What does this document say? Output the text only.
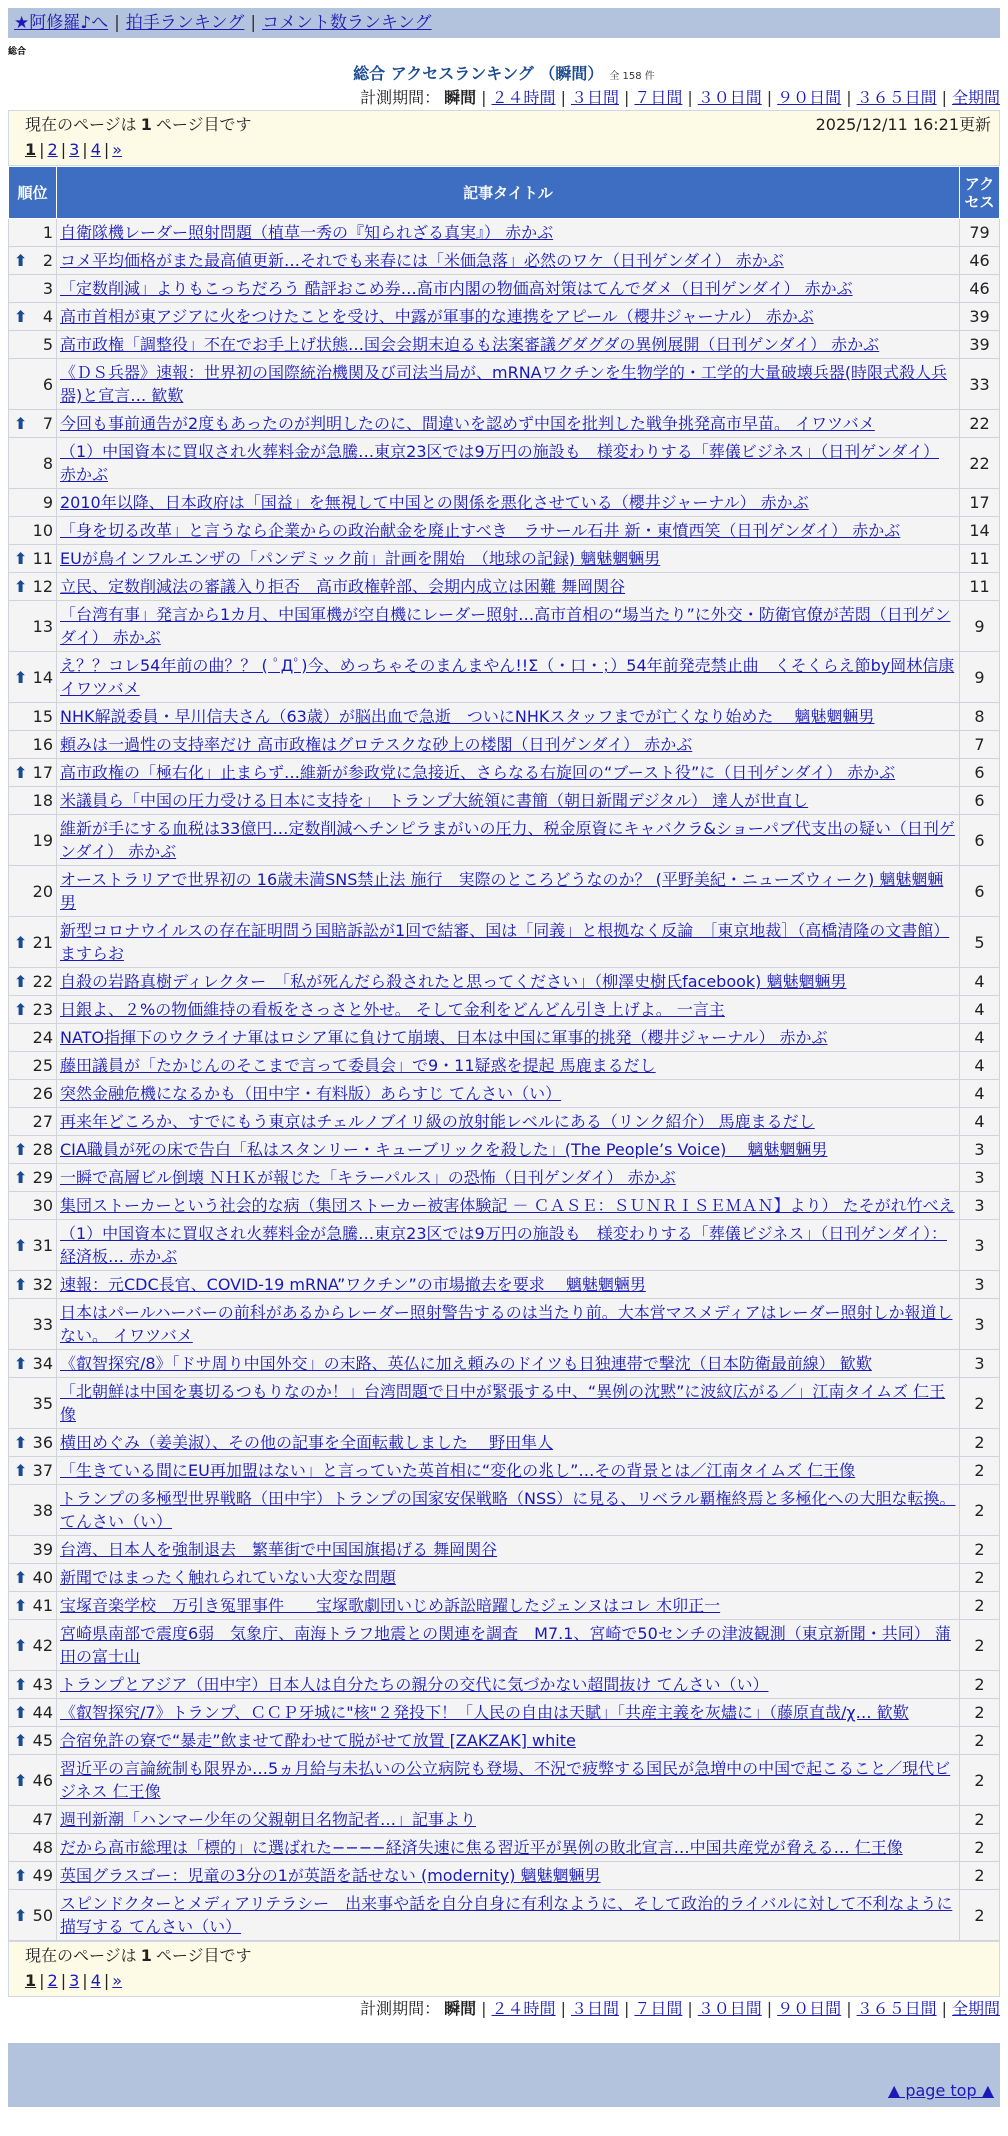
★阿修羅♪へ | 拍手ランキング | コメント数ランキング
総合
総合 アクセスランキング （瞬間） 全 158 件
計測期間： 瞬間 | ２４時間 | ３日間 | ７日間 | ３０日間 | ９０日間 | ３６５日間 | 全期間
現在のページは 1 ページ目です	2025/12/11 16:21更新
1 | 2 | 3 | 4 | »
順位	記事タイトル	アクセス
1	自衛隊機レーダー照射問題（植草一秀の『知られざる真実』） 赤かぶ	79

⬆ 2	コメ平均価格がまた最高値更新…それでも来春には「米価急落」必然のワケ（日刊ゲンダイ） 赤かぶ	46
3	「定数削減」よりもこっちだろう 酷評おこめ券…高市内閣の物価高対策はてんでダメ（日刊ゲンダイ） 赤かぶ	46

⬆ 4	高市首相が東アジアに火をつけたことを受け、中露が軍事的な連携をアピール（櫻井ジャーナル） 赤かぶ	39
5	高市政権「調整役」不在でお手上げ状態…国会会期末迫るも法案審議グダグダの異例展開（日刊ゲンダイ） 赤かぶ	39
6	《ＤＳ兵器》速報：世界初の国際統治機関及び司法当局が、mRNAワクチンを生物学的・工学的大量破壊兵器(時限式殺人兵器)と宣言… 歓歎	33

⬆ 7	今回も事前通告が2度もあったのが判明したのに、間違いを認めず中国を批判した戦争挑発高市早苗。 イワツバメ	22
8	（1）中国資本に買収され火葬料金が急騰…東京23区では9万円の施設も　様変わりする「葬儀ビジネス」（日刊ゲンダイ） 赤かぶ	22
9	2010年以降、日本政府は「国益」を無視して中国との関係を悪化させている（櫻井ジャーナル） 赤かぶ	17
10	「身を切る改革」と言うなら企業からの政治献金を廃止すべき　ラサール石井 新・東憤西笑（日刊ゲンダイ） 赤かぶ	14

⬆ 11	EUが鳥インフルエンザの「パンデミック前」計画を開始　（地球の記録) 魑魅魍魎男	11

⬆ 12	立民、定数削減法の審議入り拒否　高市政権幹部、会期内成立は困難 舞岡関谷	11
13	「台湾有事」発言から1カ月、中国軍機が空自機にレーダー照射…高市首相の“場当たり”に外交・防衛官僚が苦悶（日刊ゲンダイ） 赤かぶ	9

⬆ 14	え？？コレ54年前の曲？？ ( ﾟДﾟ)今、めっちゃそのまんまやん!!Σ（・口・；）54年前発売禁止曲　くそくらえ節by岡林信康 イワツバメ	9
15	NHK解説委員・早川信夫さん（63歳）が脳出血で急逝　ついにNHKスタッフまでが亡くなり始めた　 魑魅魍魎男	8
16	頼みは一過性の支持率だけ 高市政権はグロテスクな砂上の楼閣（日刊ゲンダイ） 赤かぶ	7

⬆ 17	高市政権の「極右化」止まらず…維新が参政党に急接近、さらなる右旋回の“ブースト役”に（日刊ゲンダイ） 赤かぶ	6
18	米議員ら「中国の圧力受ける日本に支持を」　トランプ大統領に書簡（朝日新聞デジタル） 達人が世直し	6
19	維新が手にする血税は33億円…定数削減ヘチンピラまがいの圧力、税金原資にキャバクラ&ショーパブ代支出の疑い（日刊ゲンダイ） 赤かぶ	6
20	オーストラリアで世界初の 16歳未満SNS禁止法 施行　実際のところどうなのか？ (平野美紀・ニューズウィーク) 魑魅魍魎男	6

⬆ 21	新型コロナウイルスの存在証明問う国賠訴訟が1回で結審、国は「同義」と根拠なく反論　［東京地裁］（高橋清隆の文書館） ますらお	5

⬆ 22	自殺の岩路真樹ディレクター　「私が死んだら殺されたと思ってください」（柳澤史樹氏facebook) 魑魅魍魎男	4

⬆ 23	日銀よ、２%の物価維持の看板をさっさと外せ。 そして金利をどんどん引き上げよ。 一言主	4
24	NATO指揮下のウクライナ軍はロシア軍に負けて崩壊、日本は中国に軍事的挑発（櫻井ジャーナル） 赤かぶ	4
25	藤田議員が「たかじんのそこまで言って委員会」で9・11疑惑を提起 馬鹿まるだし	4
26	突然金融危機になるかも（田中宇・有料版）あらすじ てんさい（い）	4
27	再来年どころか、すでにもう東京はチェルノブイリ級の放射能レベルにある（リンク紹介） 馬鹿まるだし	4

⬆ 28	CIA職員が死の床で告白「私はスタンリー・キューブリックを殺した」(The People’s Voice)　 魑魅魍魎男	3

⬆ 29	一瞬で高層ビル倒壊 ＮＨＫが報じた「キラーパルス」の恐怖（日刊ゲンダイ） 赤かぶ	3
30	集団ストーカーという社会的な病（集団ストーカー被害体験記 － ＣＡＳＥ：ＳＵＮＲＩＳＥＭＡＮ】より） たそがれ竹べえ	3

⬆ 31	（1）中国資本に買収され火葬料金が急騰…東京23区では9万円の施設も　様変わりする「葬儀ビジネス」（日刊ゲンダイ）：経済板… 赤かぶ	3

⬆ 32	速報：元CDC長官、COVID-19 mRNA”ワクチン”の市場撤去を要求　 魑魅魍魎男	3
33	日本はパールハーバーの前科があるからレーダー照射警告するのは当たり前。大本営マスメディアはレーダー照射しか報道しない。 イワツバメ	3

⬆ 34	《叡智探究/8》「ドサ周り中国外交」の末路、英仏に加え頼みのドイツも日独連帯で撃沈（日本防衛最前線） 歓歎	3
35	「北朝鮮は中国を裏切るつもりなのか！」台湾問題で日中が緊張する中、“異例の沈黙”に波紋広がる／」江南タイムズ 仁王像	2

⬆ 36	横田めぐみ（姜美淑）、その他の記事を全面転載しました　 野田隼人	2

⬆ 37	「生きている間にEU再加盟はない」と言っていた英首相に“変化の兆し”…その背景とは／江南タイムズ 仁王像	2
38	トランプの多極型世界戦略（田中宇）トランプの国家安保戦略（NSS）に見る、リベラル覇権終焉と多極化への大胆な転換。 てんさい（い）	2
39	台湾、日本人を強制退去　繁華街で中国国旗掲げる 舞岡関谷	2

⬆ 40	新聞ではまったく触れられていない大変な問題	2

⬆ 41	宝塚音楽学校　万引き冤罪事件　　宝塚歌劇団いじめ訴訟暗躍したジェンヌはコレ 木卯正一	2

⬆ 42	宮崎県南部で震度6弱　気象庁、南海トラフ地震との関連を調査　M7.1、宮崎で50センチの津波観測（東京新聞・共同） 蒲田の富士山	2

⬆ 43	トランプとアジア（田中宇）日本人は自分たちの親分の交代に気づかない超間抜け てんさい（い）	2

⬆ 44	《叡智探究/7》トランプ、ＣＣＰ牙城に"核"２発投下！「人民の自由は天賦」「共産主義を灰燼に」（藤原直哉/χ… 歓歎	2

⬆ 45	合宿免許の寮で“暴走”飲ませて酔わせて脱がせて放置 [ZAKZAK] white	2

⬆ 46	習近平の言論統制も限界か…5ヵ月給与未払いの公立病院も登場、不況で疲弊する国民が急増中の中国で起こること／現代ビジネス 仁王像	2
47	週刊新潮「ハンマー少年の父親朝日名物記者…」記事より	2
48	だから高市総理は「標的」に選ばれた−−−−経済失速に焦る習近平が異例の敗北宣言…中国共産党が脅える… 仁王像	2

⬆ 49	英国グラスゴー：児童の3分の1が英語を話せない (modernity) 魑魅魍魎男	2

⬆ 50	スピンドクターとメディアリテラシー　出来事や話を自分自身に有利なように、そして政治的ライバルに対して不利なように描写する てんさい（い）	2
現在のページは 1 ページ目です
1 | 2 | 3 | 4 | »
計測期間： 瞬間 | ２４時間 | ３日間 | ７日間 | ３０日間 | ９０日間 | ３６５日間 | 全期間
▲ page top ▲
